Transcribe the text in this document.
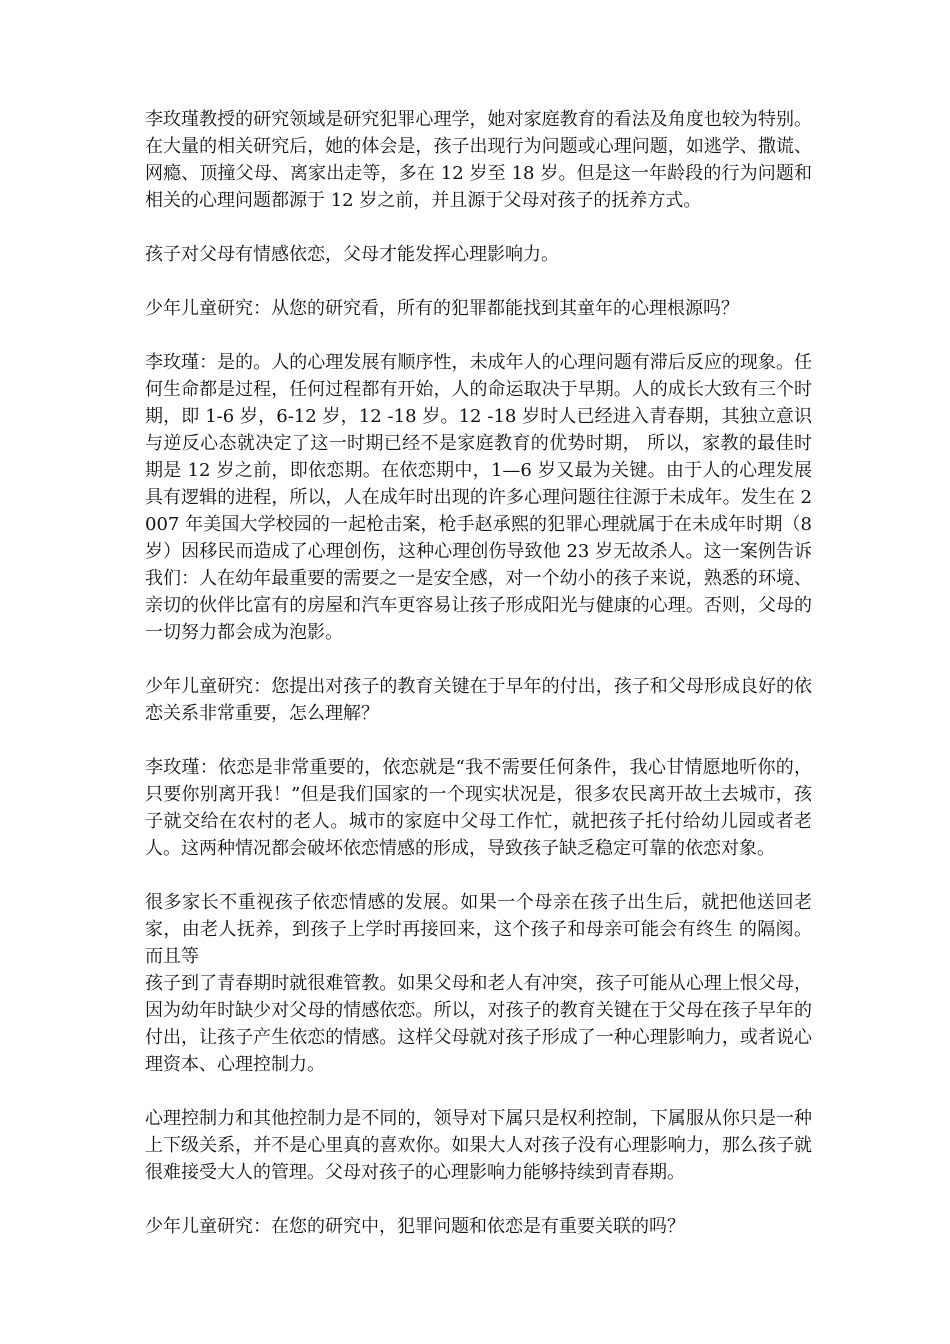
李玫瑾教授的研究领域是研究犯罪心理学，她对家庭教育的看法及角度也较为特别。在大量的相关研究后，她的体会是，孩子出现行为问题或心理问题，如逃学、撒谎、网瘾、顶撞父母、离家出走等，多在 12 岁至 18 岁。但是这一年龄段的行为问题和相关的心理问题都源于 12 岁之前，并且源于父母对孩子的抚养方式。

孩子对父母有情感依恋，父母才能发挥心理影响力。

少年儿童研究：从您的研究看，所有的犯罪都能找到其童年的心理根源吗？

李玫瑾：是的。人的心理发展有顺序性，未成年人的心理问题有滞后反应的现象。任何生命都是过程，任何过程都有开始，人的命运取决于早期。人的成长大致有三个时期，即 1-6 岁，6-12 岁，12 -18 岁。12 -18 岁时人已经进入青春期，其独立意识与逆反心态就决定了这一时期已经不是家庭教育的优势时期， 所以，家教的最佳时期是 12 岁之前，即依恋期。在依恋期中，1—6 岁又最为关键。由于人的心理发展具有逻辑的进程，所以，人在成年时出现的许多心理问题往往源于未成年。发生在 2007 年美国大学校园的一起枪击案，枪手赵承熙的犯罪心理就属于在未成年时期（8 岁）因移民而造成了心理创伤，这种心理创伤导致他 23 岁无故杀人。这一案例告诉我们：人在幼年最重要的需要之一是安全感，对一个幼小的孩子来说，熟悉的环境、亲切的伙伴比富有的房屋和汽车更容易让孩子形成阳光与健康的心理。否则，父母的一切努力都会成为泡影。

少年儿童研究：您提出对孩子的教育关键在于早年的付出，孩子和父母形成良好的依恋关系非常重要，怎么理解？

李玫瑾：依恋是非常重要的，依恋就是“我不需要任何条件，我心甘情愿地听你的，只要你别离开我！”但是我们国家的一个现实状况是，很多农民离开故土去城市，孩子就交给在农村的老人。城市的家庭中父母工作忙，就把孩子托付给幼儿园或者老人。这两种情况都会破坏依恋情感的形成，导致孩子缺乏稳定可靠的依恋对象。

很多家长不重视孩子依恋情感的发展。如果一个母亲在孩子出生后，就把他送回老家，由老人抚养，到孩子上学时再接回来，这个孩子和母亲可能会有终生 的隔阂。而且等

孩子到了青春期时就很难管教。如果父母和老人有冲突，孩子可能从心理上恨父母，因为幼年时缺少对父母的情感依恋。所以，对孩子的教育关键在于父母在孩子早年的付出，让孩子产生依恋的情感。这样父母就对孩子形成了一种心理影响力，或者说心理资本、心理控制力。

心理控制力和其他控制力是不同的，领导对下属只是权利控制，下属服从你只是一种上下级关系，并不是心里真的喜欢你。如果大人对孩子没有心理影响力，那么孩子就很难接受大人的管理。父母对孩子的心理影响力能够持续到青春期。

少年儿童研究：在您的研究中，犯罪问题和依恋是有重要关联的吗？
